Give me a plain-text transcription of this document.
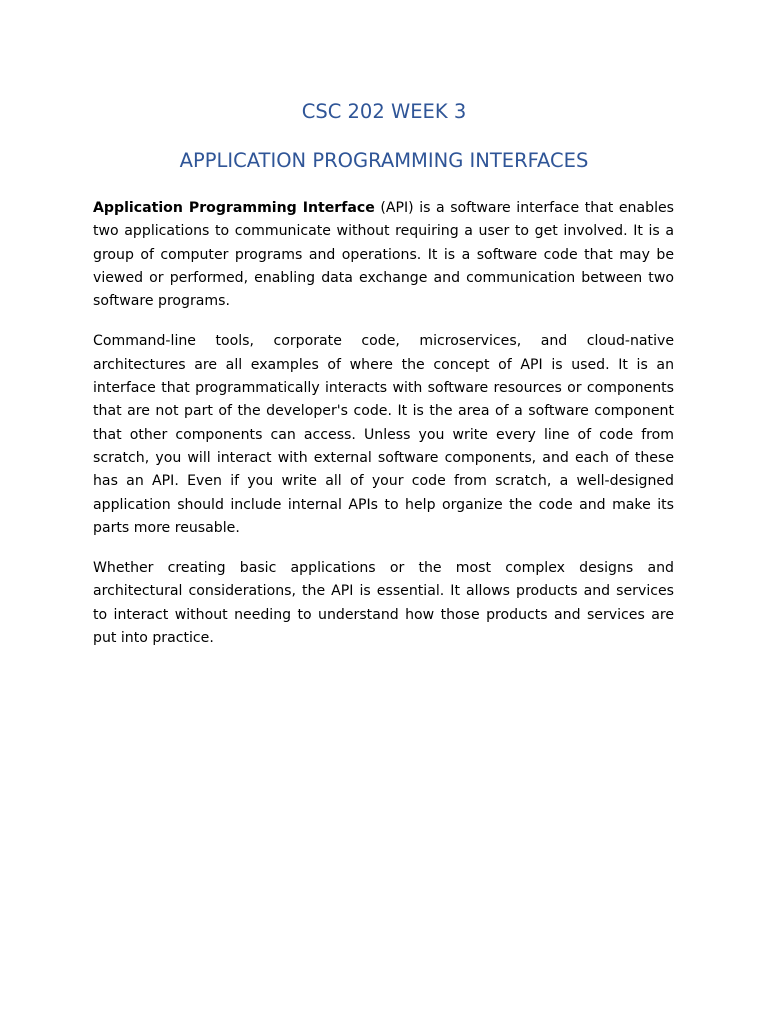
CSC 202 WEEK 3
APPLICATION PROGRAMMING INTERFACES

Application Programming Interface (API) is a software interface that enables two applications to communicate without requiring a user to get involved. It is a group of computer programs and operations. It is a software code that may be viewed or performed, enabling data exchange and communication between two software programs.

Command-line tools, corporate code, microservices, and cloud-native architectures are all examples of where the concept of API is used. It is an interface that programmatically interacts with software resources or components that are not part of the developer's code. It is the area of a software component that other components can access. Unless you write every line of code from scratch, you will interact with external software components, and each of these has an API. Even if you write all of your code from scratch, a well-designed application should include internal APIs to help organize the code and make its parts more reusable.

Whether creating basic applications or the most complex designs and architectural considerations, the API is essential. It allows products and services to interact without needing to understand how those products and services are put into practice.
